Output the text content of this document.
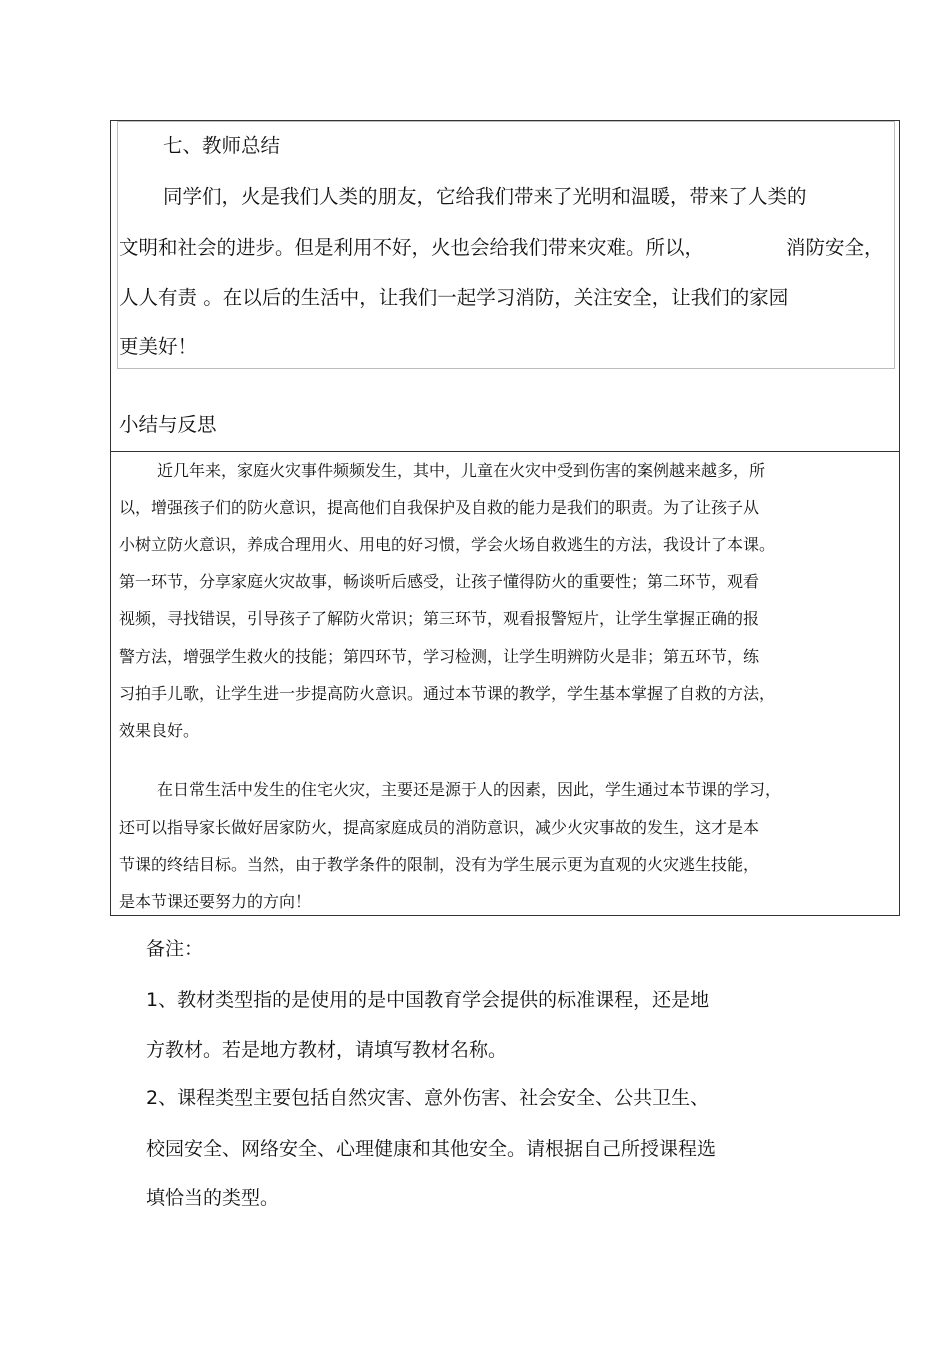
七、教师总结
同学们，火是我们人类的朋友，它给我们带来了光明和温暖，带来了人类的
文明和社会的进步。但是利用不好，火也会给我们带来灾难。所以，	消防安全，
人人有责 。在以后的生活中，让我们一起学习消防，关注安全，让我们的家园
更美好！
小结与反思
近几年来，家庭火灾事件频频发生，其中，儿童在火灾中受到伤害的案例越来越多，所
以，增强孩子们的防火意识，提高他们自我保护及自救的能力是我们的职责。为了让孩子从
小树立防火意识，养成合理用火、用电的好习惯，学会火场自救逃生的方法，我设计了本课。
第一环节，分享家庭火灾故事，畅谈听后感受，让孩子懂得防火的重要性；第二环节，观看
视频，寻找错误，引导孩子了解防火常识；第三环节，观看报警短片，让学生掌握正确的报
警方法，增强学生救火的技能；第四环节，学习检测，让学生明辨防火是非；第五环节，练
习拍手儿歌，让学生进一步提高防火意识。通过本节课的教学，学生基本掌握了自救的方法，
效果良好。
在日常生活中发生的住宅火灾，主要还是源于人的因素，因此，学生通过本节课的学习，
还可以指导家长做好居家防火，提高家庭成员的消防意识，减少火灾事故的发生，这才是本
节课的终结目标。当然，由于教学条件的限制，没有为学生展示更为直观的火灾逃生技能，
是本节课还要努力的方向！
备注：
1、教材类型指的是使用的是中国教育学会提供的标准课程，还是地
方教材。若是地方教材，请填写教材名称。
2、课程类型主要包括自然灾害、意外伤害、社会安全、公共卫生、
校园安全、网络安全、心理健康和其他安全。请根据自己所授课程选
填恰当的类型。
